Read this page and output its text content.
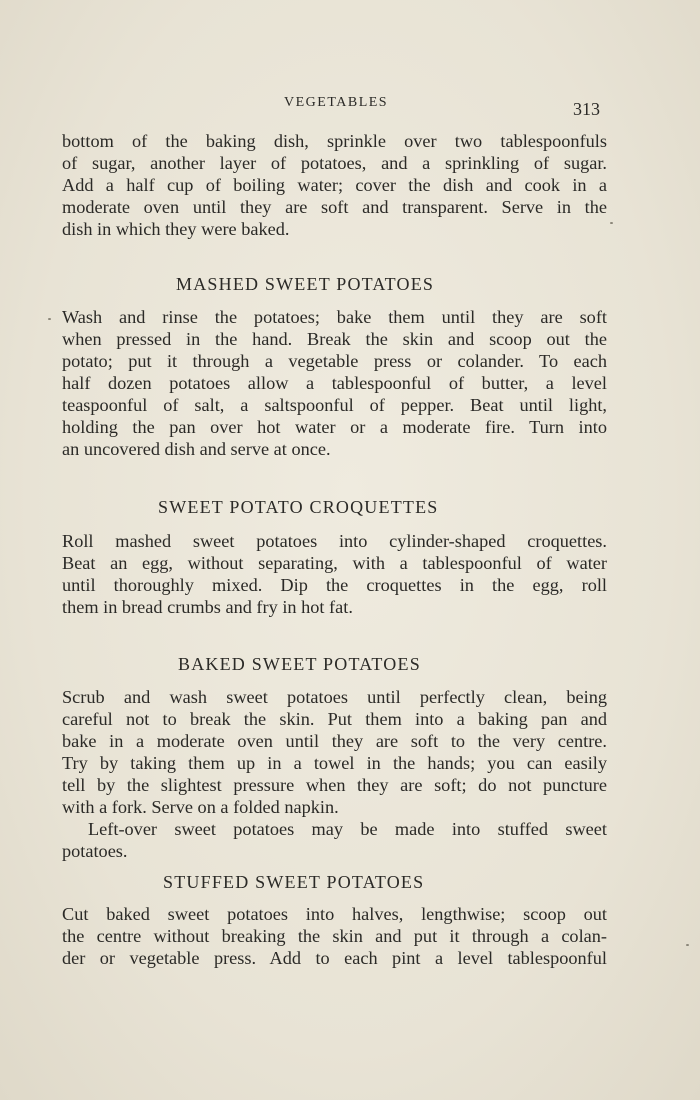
VEGETABLES	313
bottom of the baking dish, sprinkle over two tablespoonfuls
of sugar, another layer of potatoes, and a sprinkling of sugar.
Add a half cup of boiling water; cover the dish and cook in a
moderate oven until they are soft and transparent. Serve in the
dish in which they were baked.
MASHED SWEET POTATOES
Wash and rinse the potatoes; bake them until they are soft
when pressed in the hand. Break the skin and scoop out the
potato; put it through a vegetable press or colander. To each
half dozen potatoes allow a tablespoonful of butter, a level
teaspoonful of salt, a saltspoonful of pepper. Beat until light,
holding the pan over hot water or a moderate fire. Turn into
an uncovered dish and serve at once.
SWEET POTATO CROQUETTES
Roll mashed sweet potatoes into cylinder-shaped croquettes.
Beat an egg, without separating, with a tablespoonful of water
until thoroughly mixed. Dip the croquettes in the egg, roll
them in bread crumbs and fry in hot fat.
BAKED SWEET POTATOES
Scrub and wash sweet potatoes until perfectly clean, being
careful not to break the skin. Put them into a baking pan and
bake in a moderate oven until they are soft to the very centre.
Try by taking them up in a towel in the hands; you can easily
tell by the slightest pressure when they are soft; do not puncture
with a fork. Serve on a folded napkin.
Left-over sweet potatoes may be made into stuffed sweet
potatoes.
STUFFED SWEET POTATOES
Cut baked sweet potatoes into halves, lengthwise; scoop out
the centre without breaking the skin and put it through a colan-
der or vegetable press. Add to each pint a level tablespoonful
